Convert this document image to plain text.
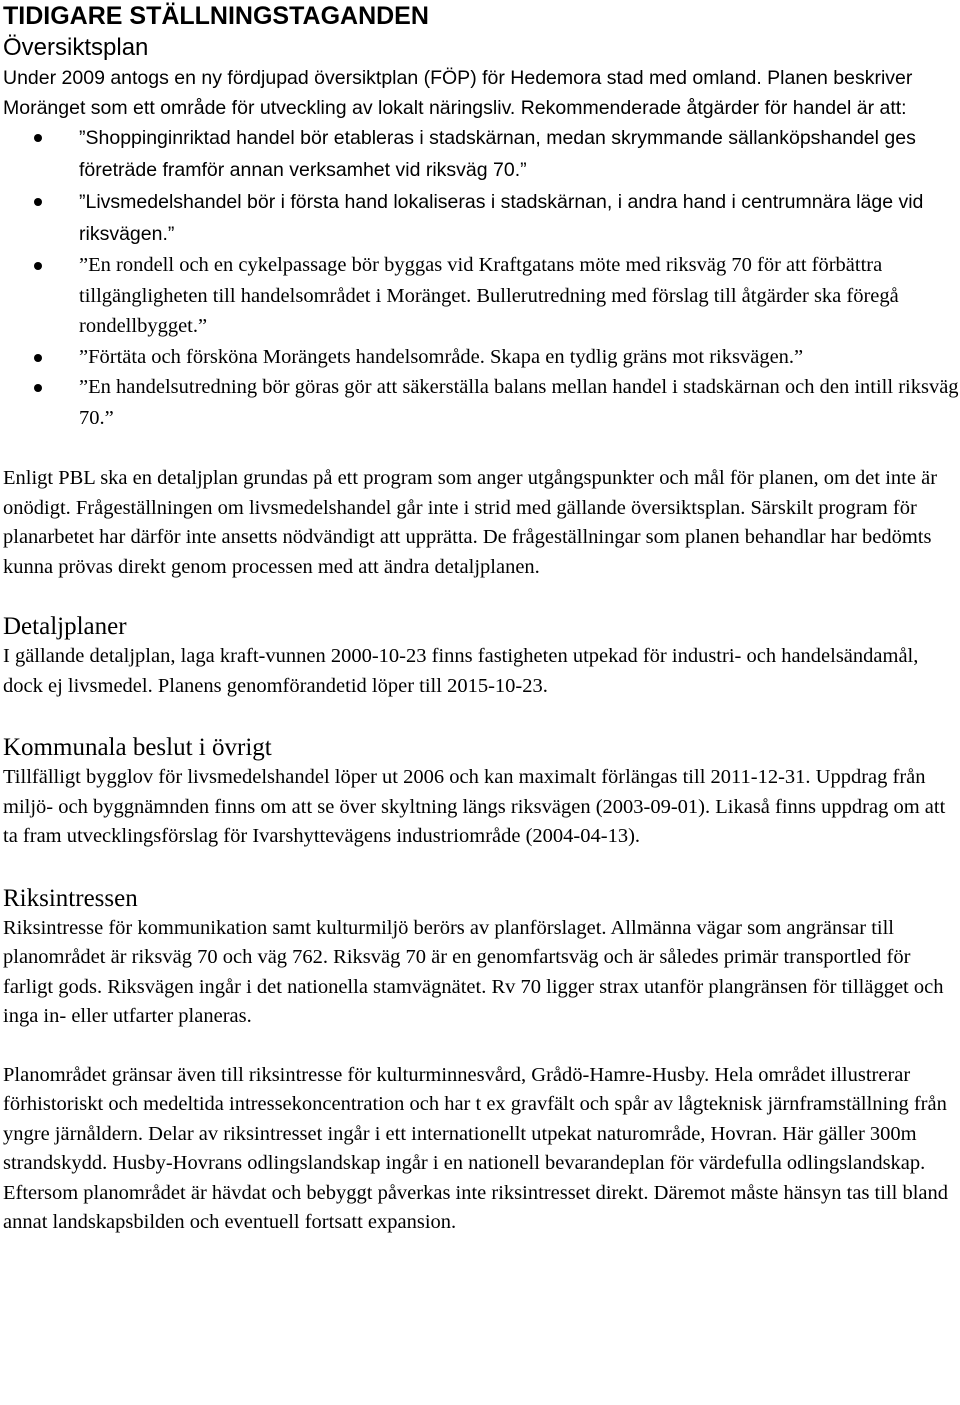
TIDIGARE STÄLLNINGSTAGANDEN
Översiktsplan

Under 2009 antogs en ny fördjupad översiktplan (FÖP) för Hedemora stad med omland. Planen beskriver Moränget som ett område för utveckling av lokalt näringsliv. Rekommenderade åtgärder för handel är att:

”Shoppinginriktad handel bör etableras i stadskärnan, medan skrymmande sällanköpshandel ges företräde framför annan verksamhet vid riksväg 70.”
”Livsmedelshandel bör i första hand lokaliseras i stadskärnan, i andra hand i centrumnära läge vid riksvägen.”
”En rondell och en cykelpassage bör byggas vid Kraftgatans möte med riksväg 70 för att förbättra tillgängligheten till handelsområdet i Moränget. Bullerutredning med förslag till åtgärder ska föregå rondellbygget.”
”Förtäta och försköna Morängets handelsområde. Skapa en tydlig gräns mot riksvägen.”
”En handelsutredning bör göras gör att säkerställa balans mellan handel i stadskärnan och den intill riksväg 70.”

Enligt PBL ska en detaljplan grundas på ett program som anger utgångspunkter och mål för planen, om det inte är onödigt. Frågeställningen om livsmedelshandel går inte i strid med gällande översiktsplan. Särskilt program för planarbetet har därför inte ansetts nödvändigt att upprätta. De frågeställningar som planen behandlar har bedömts kunna prövas direkt genom processen med att ändra detaljplanen.

Detaljplaner

I gällande detaljplan, laga kraft-vunnen 2000-10-23 finns fastigheten utpekad för industri- och handelsändamål, dock ej livsmedel. Planens genomförandetid löper till 2015-10-23.

Kommunala beslut i övrigt

Tillfälligt bygglov för livsmedelshandel löper ut 2006 och kan maximalt förlängas till 2011-12-31. Uppdrag från miljö- och byggnämnden finns om att se över skyltning längs riksvägen (2003-09-01). Likaså finns uppdrag om att ta fram utvecklingsförslag för Ivarshyttevägens industriområde (2004-04-13).

Riksintressen

Riksintresse för kommunikation samt kulturmiljö berörs av planförslaget. Allmänna vägar som angränsar till planområdet är riksväg 70 och väg 762. Riksväg 70 är en genomfartsväg och är således primär transportled för farligt gods. Riksvägen ingår i det nationella stamvägnätet. Rv 70 ligger strax utanför plangränsen för tillägget och inga in- eller utfarter planeras.

Planområdet gränsar även till riksintresse för kulturminnesvård, Grådö-Hamre-Husby. Hela området illustrerar förhistoriskt och medeltida intressekoncentration och har t ex gravfält och spår av lågteknisk järnframställning från yngre järnåldern. Delar av riksintresset ingår i ett internationellt utpekat naturområde, Hovran. Här gäller 300m strandskydd. Husby-Hovrans odlingslandskap ingår i en nationell bevarandeplan för värdefulla odlingslandskap. Eftersom planområdet är hävdat och bebyggt påverkas inte riksintresset direkt. Däremot måste hänsyn tas till bland annat landskapsbilden och eventuell fortsatt expansion.
